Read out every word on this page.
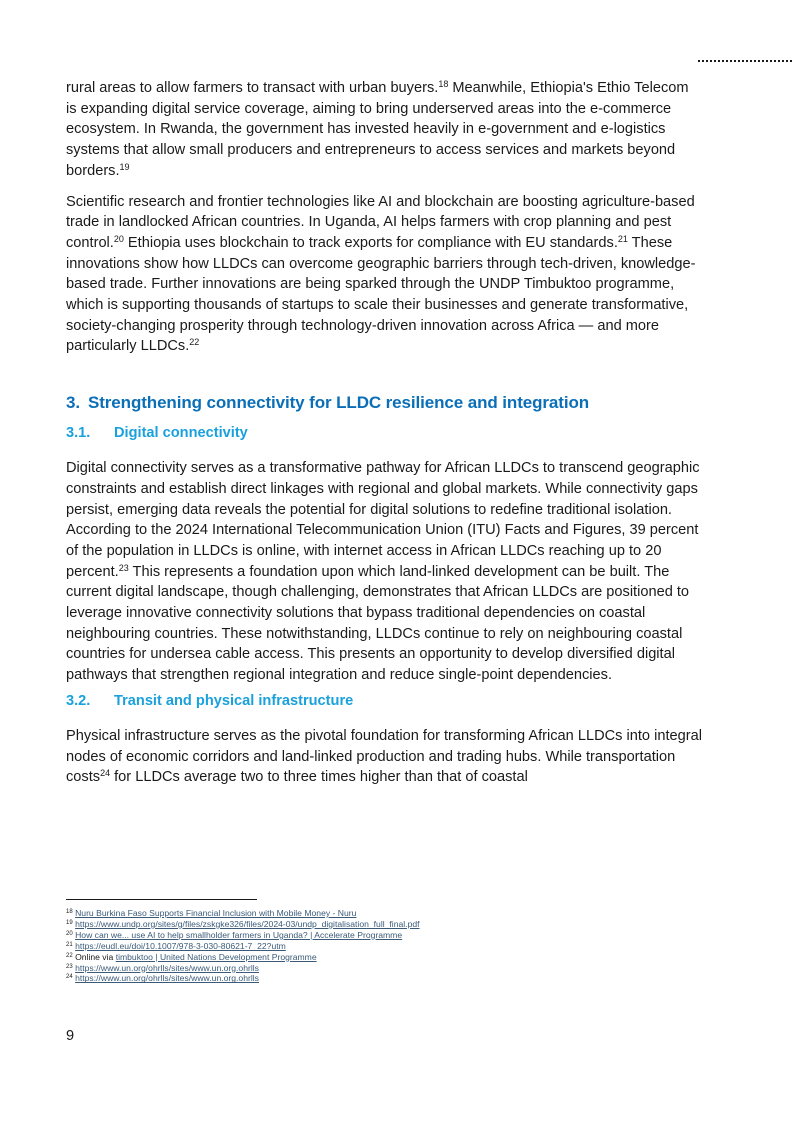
rural areas to allow farmers to transact with urban buyers.$^{18}$ Meanwhile, Ethiopia's Ethio Telecom is expanding digital service coverage, aiming to bring underserved areas into the e-commerce ecosystem. In Rwanda, the government has invested heavily in e-government and e-logistics systems that allow small producers and entrepreneurs to access services and markets beyond borders.$^{19}$

Scientific research and frontier technologies like AI and blockchain are boosting agriculture-based trade in landlocked African countries. In Uganda, AI helps farmers with crop planning and pest control.$^{20}$ Ethiopia uses blockchain to track exports for compliance with EU standards.$^{21}$ These innovations show how LLDCs can overcome geographic barriers through tech-driven, knowledge-based trade. Further innovations are being sparked through the UNDP Timbuktoo programme, which is supporting thousands of startups to scale their businesses and generate transformative, society-changing prosperity through technology-driven innovation across Africa — and more particularly LLDCs.$^{22}$

3. Strengthening connectivity for LLDC resilience and integration
3.1. Digital connectivity

Digital connectivity serves as a transformative pathway for African LLDCs to transcend geographic constraints and establish direct linkages with regional and global markets. While connectivity gaps persist, emerging data reveals the potential for digital solutions to redefine traditional isolation. According to the 2024 International Telecommunication Union (ITU) Facts and Figures, 39 percent of the population in LLDCs is online, with internet access in African LLDCs reaching up to 20 percent.$^{23}$ This represents a foundation upon which land-linked development can be built. The current digital landscape, though challenging, demonstrates that African LLDCs are positioned to leverage innovative connectivity solutions that bypass traditional dependencies on coastal neighbouring countries. These notwithstanding, LLDCs continue to rely on neighbouring coastal countries for undersea cable access. This presents an opportunity to develop diversified digital pathways that strengthen regional integration and reduce single-point dependencies.

3.2. Transit and physical infrastructure

Physical infrastructure serves as the pivotal foundation for transforming African LLDCs into integral nodes of economic corridors and land-linked production and trading hubs. While transportation costs$^{24}$ for LLDCs average two to three times higher than that of coastal

$^{18}$ Nuru Burkina Faso Supports Financial Inclusion with Mobile Money - Nuru
$^{19}$ https://www.undp.org/sites/g/files/zskgke326/files/2024-03/undp_digitalisation_full_final.pdf
$^{20}$ How can we... use AI to help smallholder farmers in Uganda? | Accelerate Programme
$^{21}$ https://eudl.eu/doi/10.1007/978-3-030-80621-7_22?utm
$^{22}$ Online via timbuktoo | United Nations Development Programme
$^{23}$ https://www.un.org/ohrlls/sites/www.un.org.ohrlls
$^{24}$ https://www.un.org/ohrlls/sites/www.un.org.ohrlls
9
